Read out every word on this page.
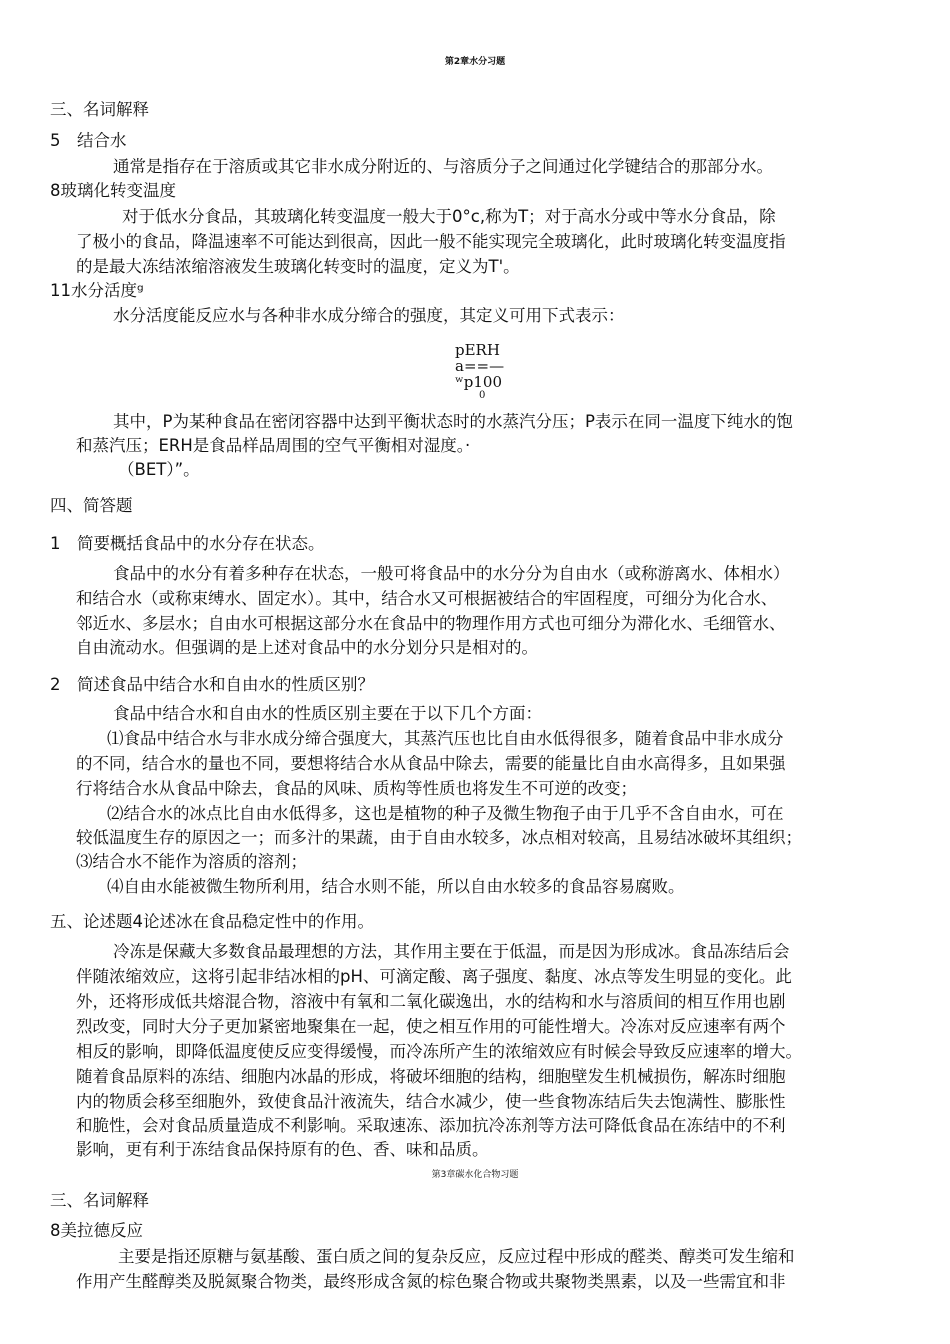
第2章水分习题
三、名词解释
5　结合水
通常是指存在于溶质或其它非水成分附近的、与溶质分子之间通过化学键结合的那部分水。
8玻璃化转变温度
对于低水分食品，其玻璃化转变温度一般大于0°c,称为T；对于高水分或中等水分食品，除
了极小的食品，降温速率不可能达到很高，因此一般不能实现完全玻璃化，此时玻璃化转变温度指
的是最大冻结浓缩溶液发生玻璃化转变时的温度，定义为T'。
11水分活度ᵍ
水分活度能反应水与各种非水成分缔合的强度，其定义可用下式表示：
pERH
a==—
ʷp100
0
其中，P为某种食品在密闭容器中达到平衡状态时的水蒸汽分压；P表示在同一温度下纯水的饱
和蒸汽压；ERH是食品样品周围的空气平衡相对湿度。·
（BET）”。
四、简答题
1　简要概括食品中的水分存在状态。
食品中的水分有着多种存在状态，一般可将食品中的水分分为自由水（或称游离水、体相水）
和结合水（或称束缚水、固定水）。其中，结合水又可根据被结合的牢固程度，可细分为化合水、
邻近水、多层水；自由水可根据这部分水在食品中的物理作用方式也可细分为滞化水、毛细管水、
自由流动水。但强调的是上述对食品中的水分划分只是相对的。
2　简述食品中结合水和自由水的性质区别？
食品中结合水和自由水的性质区别主要在于以下几个方面：
⑴食品中结合水与非水成分缔合强度大，其蒸汽压也比自由水低得很多，随着食品中非水成分
的不同，结合水的量也不同，要想将结合水从食品中除去，需要的能量比自由水高得多，且如果强
行将结合水从食品中除去，食品的风味、质构等性质也将发生不可逆的改变；
⑵结合水的冰点比自由水低得多，这也是植物的种子及微生物孢子由于几乎不含自由水，可在
较低温度生存的原因之一；而多汁的果蔬，由于自由水较多，冰点相对较高，且易结冰破坏其组织；
⑶结合水不能作为溶质的溶剂；
⑷自由水能被微生物所利用，结合水则不能，所以自由水较多的食品容易腐败。
五、论述题4论述冰在食品稳定性中的作用。
冷冻是保藏大多数食品最理想的方法，其作用主要在于低温，而是因为形成冰。食品冻结后会
伴随浓缩效应，这将引起非结冰相的pH、可滴定酸、离子强度、黏度、冰点等发生明显的变化。此
外，还将形成低共熔混合物，溶液中有氧和二氧化碳逸出，水的结构和水与溶质间的相互作用也剧
烈改变，同时大分子更加紧密地聚集在一起，使之相互作用的可能性增大。冷冻对反应速率有两个
相反的影响，即降低温度使反应变得缓慢，而冷冻所产生的浓缩效应有时候会导致反应速率的增大。
随着食品原料的冻结、细胞内冰晶的形成，将破坏细胞的结构，细胞壁发生机械损伤，解冻时细胞
内的物质会移至细胞外，致使食品汁液流失，结合水减少，使一些食物冻结后失去饱满性、膨胀性
和脆性，会对食品质量造成不利影响。采取速冻、添加抗冷冻剂等方法可降低食品在冻结中的不利
影响，更有利于冻结食品保持原有的色、香、味和品质。
第3章碳水化合物习题
三、名词解释
8美拉德反应
主要是指还原糖与氨基酸、蛋白质之间的复杂反应，反应过程中形成的醛类、醇类可发生缩和
作用产生醛醇类及脱氮聚合物类，最终形成含氮的棕色聚合物或共聚物类黑素，以及一些需宜和非
